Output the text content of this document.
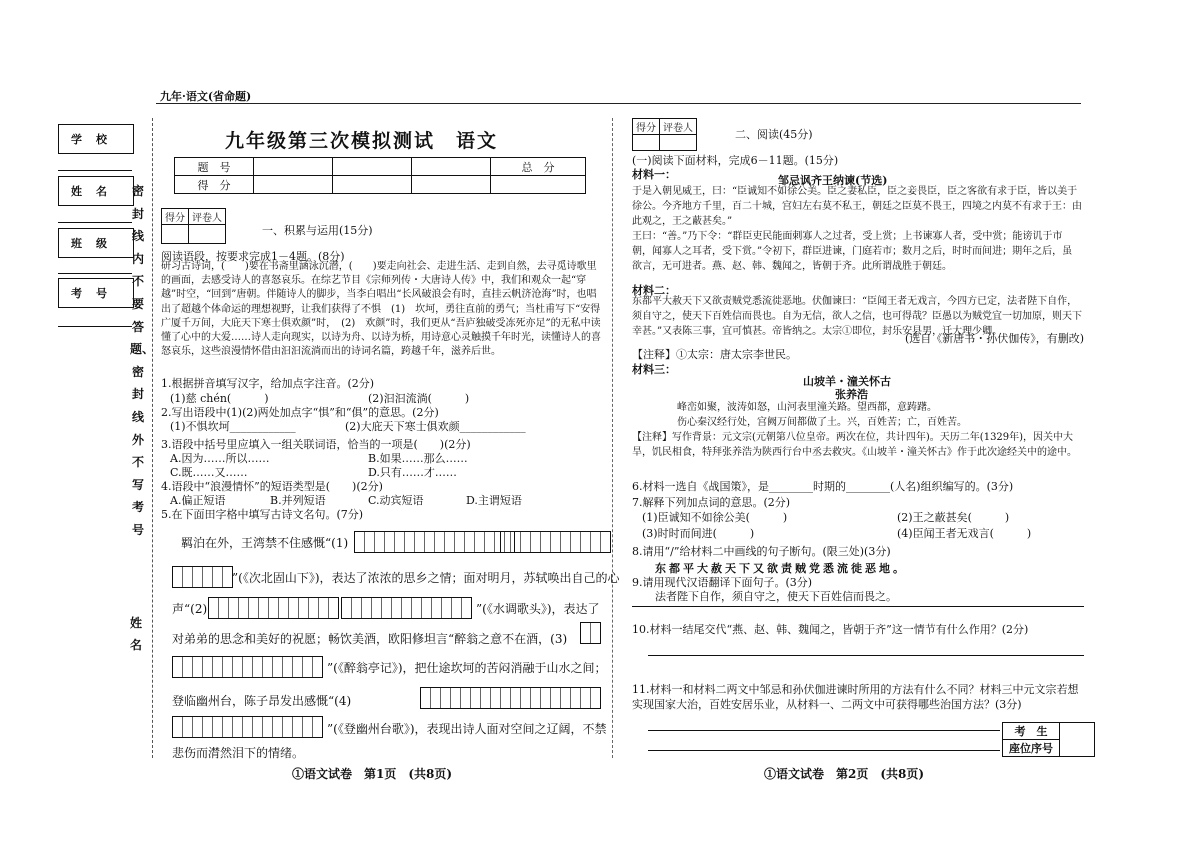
九年·语文(省命题)
学校
姓名
班级
考号
密封线内不要答题、密封线外不写考号
姓名
九年级第三次模拟测试　语文
题　号				总　分
得　分				
得分	评卷人

一、积累与运用(15分)
阅读语段，按要求完成1－4题。(8分)
研习古诗词，(　　)要在书斋里涵泳沉潜，(　　)要走向社会、走进生活、走到自然，去寻觅诗歌里的画面，去感受诗人的喜怒哀乐。在综艺节目《宗师列传・大唐诗人传》中，我们和观众一起“穿越”时空，“回到”唐朝。伴随诗人的脚步，当李白唱出“长风破浪会有时，直挂云帆济沧海”时，也唱出了超越个体命运的理想视野，让我们获得了不惧　(1)　坎坷，勇往直前的勇气；当杜甫写下“安得广厦千万间，大庇天下寒士俱欢颜”时，　(2)　欢颜”时，我们更从“吾庐独破受冻死亦足”的无私中读懂了心中的大爱……诗人走向现实，以诗为舟、以诗为桥，用诗意心灵触摸千年时光，读懂诗人的喜怒哀乐，这些浪漫情怀借由汩汩流淌而出的诗词名篇，跨越千年，滋养后世。
1.根据拼音填写汉字，给加点字注音。(2分)
(1)慈 chén(　　　)	(2)汩汩流淌(　　　)
2.写出语段中(1)(2)两处加点字“惧”和“俱”的意思。(2分)
(1)不惧坎坷____________	(2)大庇天下寒士俱欢颜____________
3.语段中括号里应填入一组关联词语，恰当的一项是(　　)(2分)
A.因为……所以……	B.如果……那么……
C.既……又……	D.只有……才……
4.语段中“浪漫情怀”的短语类型是(　　)(2分)
A.偏正短语	B.并列短语	C.动宾短语	D.主谓短语
5.在下面田字格中填写古诗文名句。(7分)
羁泊在外，王湾禁不住感慨“(1)
”(《次北固山下》)，表达了浓浓的思乡之情；面对明月，苏轼唤出自己的心
声“(2)	”(《水调歌头》)，表达了
对弟弟的思念和美好的祝愿；畅饮美酒，欧阳修坦言“醉翁之意不在酒，(3)
”(《醉翁亭记》)，把仕途坎坷的苦闷消融于山水之间；
登临幽州台，陈子昂发出感慨“(4)
”(《登幽州台歌》)，表现出诗人面对空间之辽阔，不禁
悲伤而潸然泪下的情绪。
①语文试卷　第1页　(共8页)
得分	评卷人
		二、阅读(45分)
(一)阅读下面材料，完成6－11题。(15分)
材料一：	邹忌讽齐王纳谏(节选)
于是入朝见威王，曰：“臣诚知不如徐公美。臣之妻私臣，臣之妾畏臣，臣之客欲有求于臣，皆以美于徐公。今齐地方千里，百二十城，宫妇左右莫不私王，朝廷之臣莫不畏王，四境之内莫不有求于王：由此观之，王之蔽甚矣。”
王曰：“善。”乃下令：“群臣吏民能面刺寡人之过者，受上赏；上书谏寡人者，受中赏；能谤讥于市朝，闻寡人之耳者，受下赏。”令初下，群臣进谏，门庭若市；数月之后，时时而间进；期年之后，虽欲言，无可进者。燕、赵、韩、魏闻之，皆朝于齐。此所谓战胜于朝廷。
材料二：
东都平大赦天下又欲责贼党悉流徙恶地。伏伽谏曰：“臣闻王者无戏言，今四方已定，法者陛下自作，须自守之，使天下百姓信而畏也。自为无信，欲人之信，也可得哉？臣愚以为贼党宜一切加原，则天下幸甚。”又表陈三事，宜可慎甚。帝皆纳之。太宗①即位，封乐安县男，迁大理少卿。
(选自《新唐书・孙伏伽传》，有删改)
【注释】①太宗：唐太宗李世民。
材料三：
山坡羊・潼关怀古
张养浩
峰峦如聚，波涛如怒，山河表里潼关路。望西都，意踌躇。
伤心秦汉经行处，宫阙万间都做了土。兴，百姓苦；亡，百姓苦。
【注释】写作背景：元文宗(元朝第八位皇帝。两次在位，共计四年)。天历二年(1329年)，因关中大旱，饥民相食，特拜张养浩为陕西行台中丞去救灾。《山坡羊・潼关怀古》作于此次途经关中的途中。
6.材料一选自《战国策》，是________时期的________(人名)组织编写的。(3分)
7.解释下列加点词的意思。(2分)
(1)臣诚知不如徐公美(　　　)	(2)王之蔽甚矣(　　　)
(3)时时而间进(　　　)	(4)臣闻王者无戏言(　　　)
8.请用“/”给材料二中画线的句子断句。(限三处)(3分)
东都平大赦天下又欲责贼党悉流徙恶地。
9.请用现代汉语翻译下面句子。(3分)
法者陛下自作，须自守之，使天下百姓信而畏之。
10.材料一结尾交代“燕、赵、韩、魏闻之，皆朝于齐”这一情节有什么作用？(2分)
11.材料一和材料二两文中邹忌和孙伏伽进谏时所用的方法有什么不同？材料三中元文宗若想实现国家大治，百姓安居乐业，从材料一、二两文中可获得哪些治国方法？(3分)
考　生	
座位序号
①语文试卷　第2页　(共8页)
